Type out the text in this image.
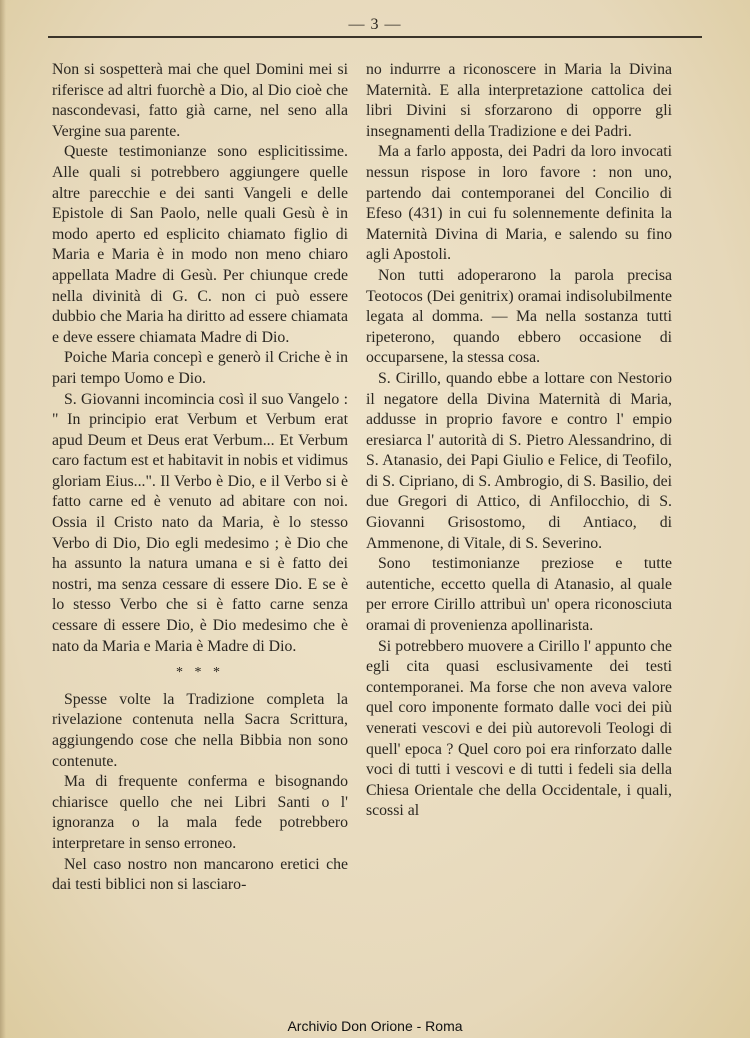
— 3 —

Non si sospetterà mai che quel Domini mei si riferisce ad altri fuorchè a Dio, al Dio cioè che nascondevasi, fatto già carne, nel seno alla Vergine sua parente.

Queste testimonianze sono esplicitissime. Alle quali si potrebbero aggiungere quelle altre parecchie e dei santi Vangeli e delle Epistole di San Paolo, nelle quali Gesù è in modo aperto ed esplicito chiamato figlio di Maria e Maria è in modo non meno chiaro appellata Madre di Gesù. Per chiunque crede nella divinità di G. C. non ci può essere dubbio che Maria ha diritto ad essere chiamata e deve essere chiamata Madre di Dio.

Poiche Maria concepì e generò il Criche è in pari tempo Uomo e Dio.

S. Giovanni incomincia così il suo Vangelo : " In principio erat Verbum et Verbum erat apud Deum et Deus erat Verbum... Et Verbum caro factum est et habitavit in nobis et vidimus gloriam Eius...". Il Verbo è Dio, e il Verbo si è fatto carne ed è venuto ad abitare con noi. Ossia il Cristo nato da Maria, è lo stesso Verbo di Dio, Dio egli medesimo ; è Dio che ha assunto la natura umana e si è fatto dei nostri, ma senza cessare di essere Dio. E se è lo stesso Verbo che si è fatto carne senza cessare di essere Dio, è Dio medesimo che è nato da Maria e Maria è Madre di Dio.

* * *

Spesse volte la Tradizione completa la rivelazione contenuta nella Sacra Scrittura, aggiungendo cose che nella Bibbia non sono contenute.

Ma di frequente conferma e bisognando chiarisce quello che nei Libri Santi o l' ignoranza o la mala fede potrebbero interpretare in senso erroneo.

Nel caso nostro non mancarono eretici che dai testi biblici non si lasciaro-

no indurrre a riconoscere in Maria la Divina Maternità. E alla interpretazione cattolica dei libri Divini si sforzarono di opporre gli insegnamenti della Tradizione e dei Padri.

Ma a farlo apposta, dei Padri da loro invocati nessun rispose in loro favore : non uno, partendo dai contemporanei del Concilio di Efeso (431) in cui fu solennemente definita la Maternità Divina di Maria, e salendo su fino agli Apostoli.

Non tutti adoperarono la parola precisa Teotocos (Dei genitrix) oramai indisolubilmente legata al domma. — Ma nella sostanza tutti ripeterono, quando ebbero occasione di occuparsene, la stessa cosa.

S. Cirillo, quando ebbe a lottare con Nestorio il negatore della Divina Maternità di Maria, addusse in proprio favore e contro l' empio eresiarca l' autorità di S. Pietro Alessandrino, di S. Atanasio, dei Papi Giulio e Felice, di Teofilo, di S. Cipriano, di S. Ambrogio, di S. Basilio, dei due Gregori di Attico, di Anfilocchio, di S. Giovanni Grisostomo, di Antiaco, di Ammenone, di Vitale, di S. Severino.

Sono testimonianze preziose e tutte autentiche, eccetto quella di Atanasio, al quale per errore Cirillo attribuì un' opera riconosciuta oramai di provenienza apollinarista.

Si potrebbero muovere a Cirillo l' appunto che egli cita quasi esclusivamente dei testi contemporanei. Ma forse che non aveva valore quel coro imponente formato dalle voci dei più venerati vescovi e dei più autorevoli Teologi di quell' epoca ? Quel coro poi era rinforzato dalle voci di tutti i vescovi e di tutti i fedeli sia della Chiesa Orientale che della Occidentale, i quali, scossi al

Archivio Don Orione - Roma
